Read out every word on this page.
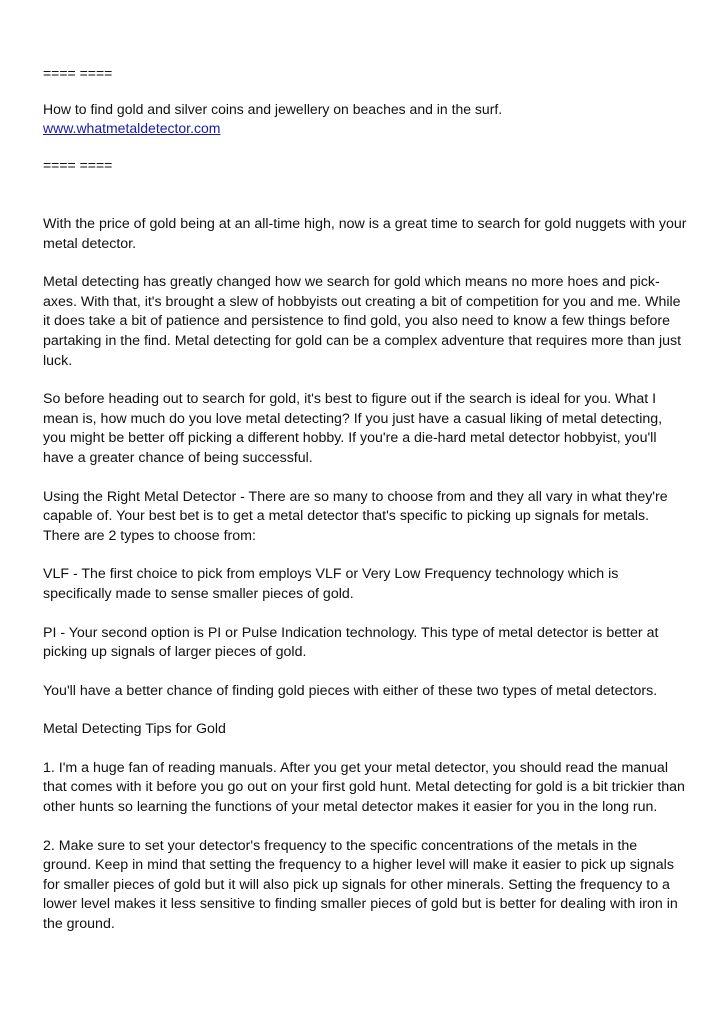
==== ====

How to find gold and silver coins and jewellery on beaches and in the surf.

www.whatmetaldetector.com

==== ====

With the price of gold being at an all-time high, now is a great time to search for gold nuggets with your metal detector.

Metal detecting has greatly changed how we search for gold which means no more hoes and pick-axes. With that, it's brought a slew of hobbyists out creating a bit of competition for you and me. While it does take a bit of patience and persistence to find gold, you also need to know a few things before partaking in the find. Metal detecting for gold can be a complex adventure that requires more than just luck.

So before heading out to search for gold, it's best to figure out if the search is ideal for you. What I mean is, how much do you love metal detecting? If you just have a casual liking of metal detecting, you might be better off picking a different hobby. If you're a die-hard metal detector hobbyist, you'll have a greater chance of being successful.

Using the Right Metal Detector - There are so many to choose from and they all vary in what they're capable of. Your best bet is to get a metal detector that's specific to picking up signals for metals. There are 2 types to choose from:

VLF - The first choice to pick from employs VLF or Very Low Frequency technology which is specifically made to sense smaller pieces of gold.

PI - Your second option is PI or Pulse Indication technology. This type of metal detector is better at picking up signals of larger pieces of gold.

You'll have a better chance of finding gold pieces with either of these two types of metal detectors.

Metal Detecting Tips for Gold

1. I'm a huge fan of reading manuals. After you get your metal detector, you should read the manual that comes with it before you go out on your first gold hunt. Metal detecting for gold is a bit trickier than other hunts so learning the functions of your metal detector makes it easier for you in the long run.

2. Make sure to set your detector's frequency to the specific concentrations of the metals in the ground. Keep in mind that setting the frequency to a higher level will make it easier to pick up signals for smaller pieces of gold but it will also pick up signals for other minerals. Setting the frequency to a lower level makes it less sensitive to finding smaller pieces of gold but is better for dealing with iron in the ground.
